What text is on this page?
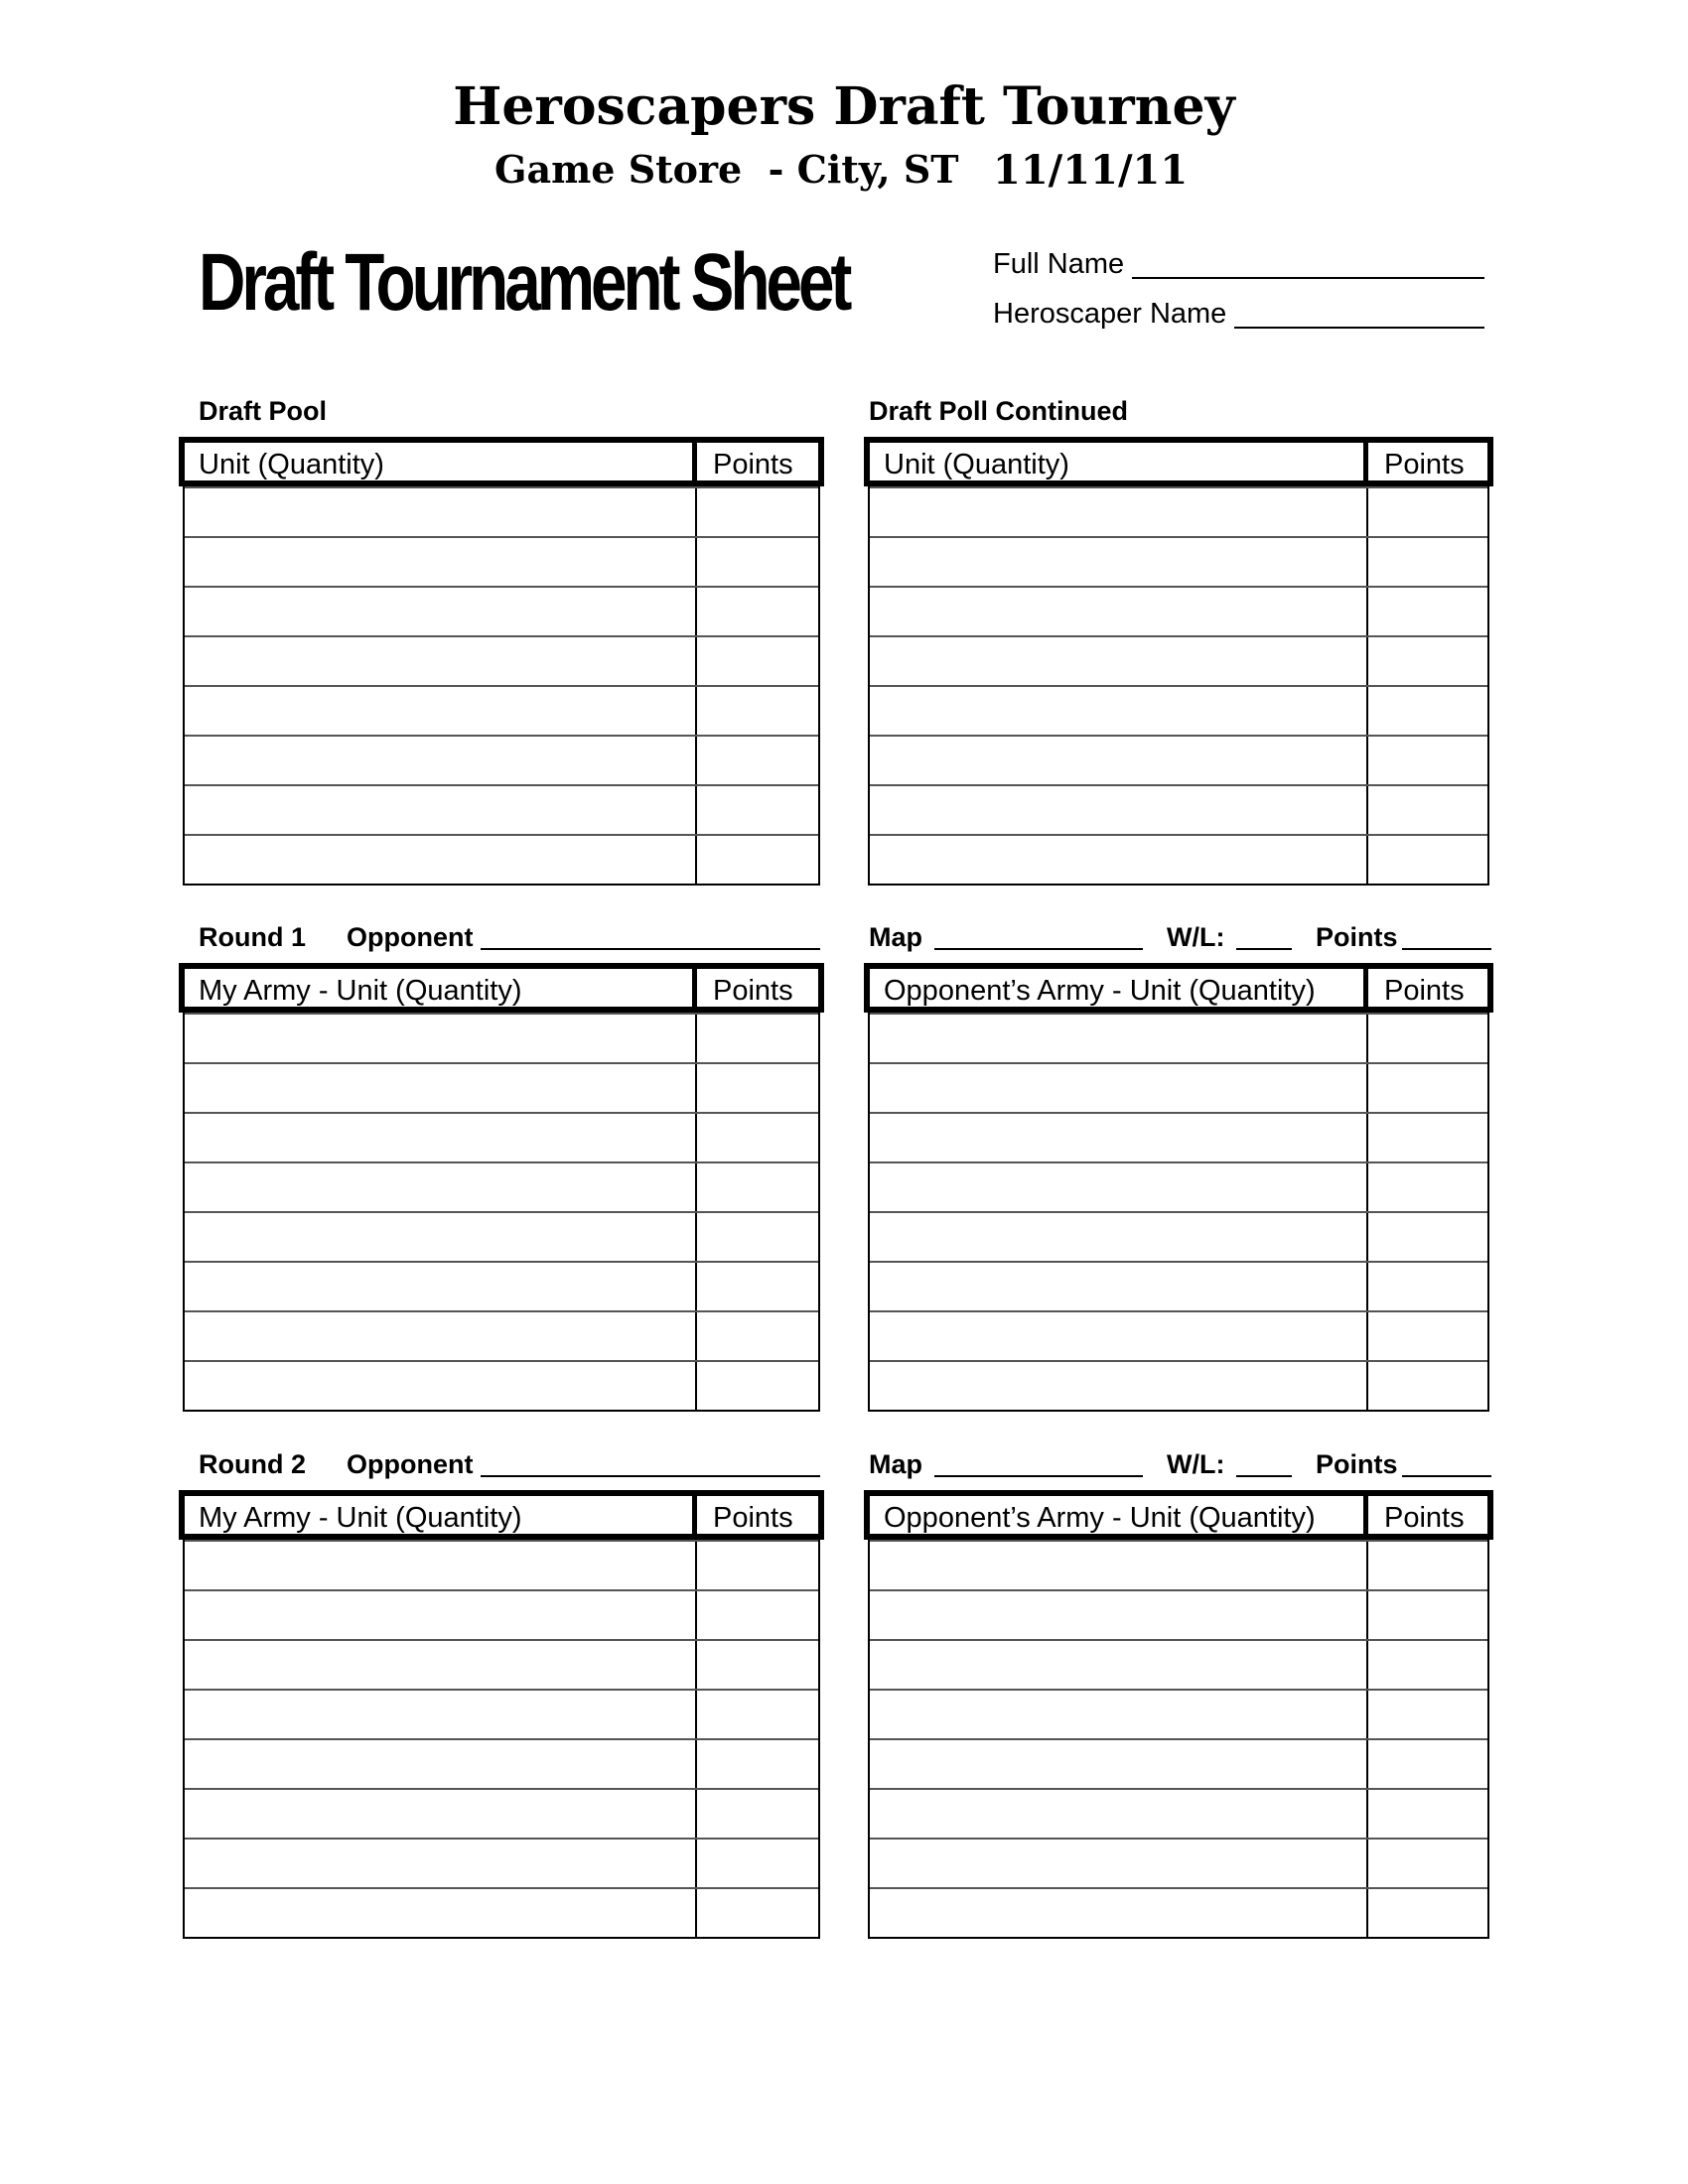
Heroscapers Draft Tourney
Game Store  - City, ST 11/11/11
Draft Tournament Sheet	Full Name
Heroscaper Name
Draft Pool	Draft Poll Continued
Unit (Quantity)	Points	Unit (Quantity)	Points
Round 1 Opponent	Map	W/L:	Points
My Army - Unit (Quantity)	Points	Opponent’s Army - Unit (Quantity) Points
Round 2 Opponent	Map	W/L:	Points
My Army - Unit (Quantity)	Points	Opponent’s Army - Unit (Quantity) Points
